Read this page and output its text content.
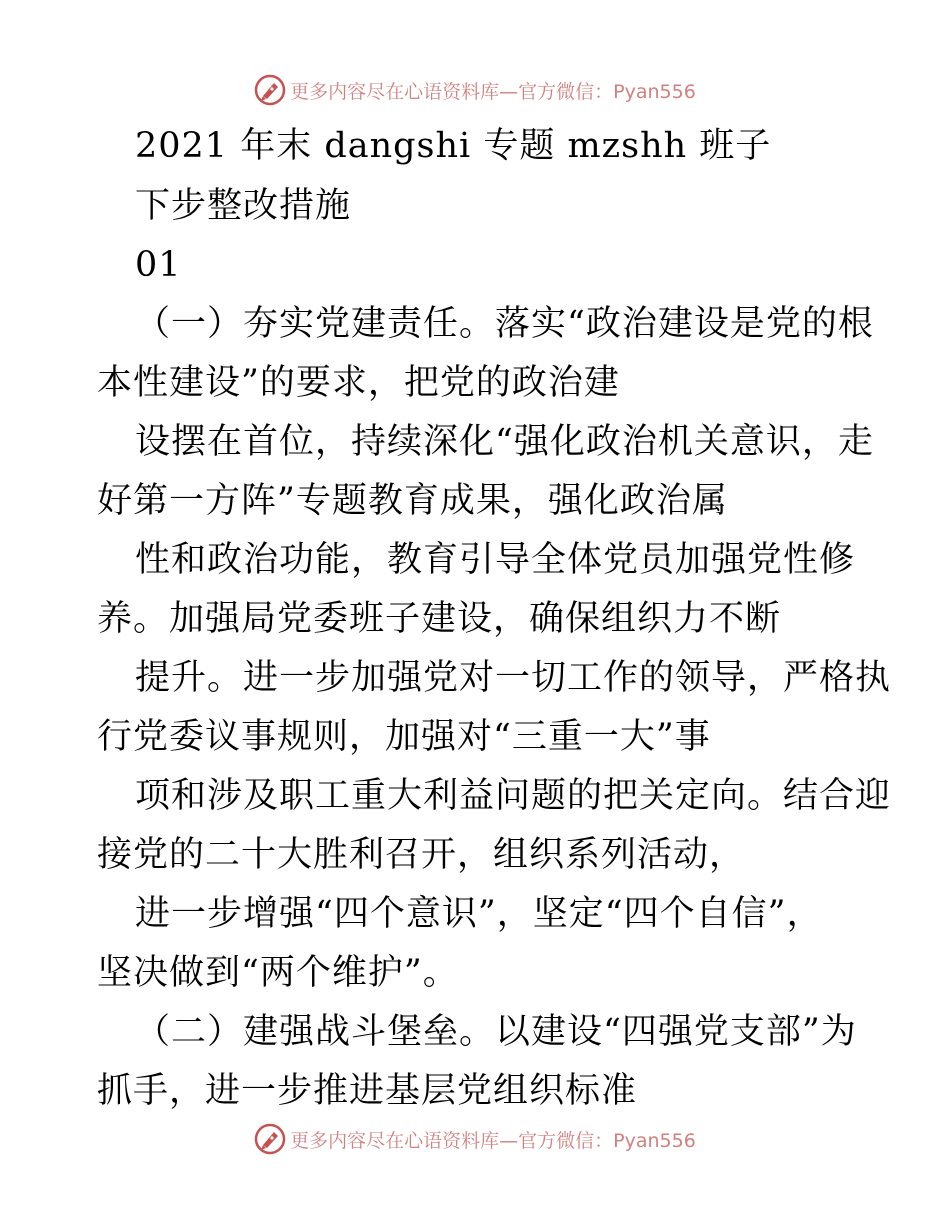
更多内容尽在心语资料库—官方微信：Pyan556
2021 年末 dangshi 专题 mzshh 班子
下步整改措施
01
（一）夯实党建责任。落实“政治建设是党的根
本性建设”的要求，把党的政治建
设摆在首位，持续深化“强化政治机关意识，走
好第一方阵”专题教育成果，强化政治属
性和政治功能，教育引导全体党员加强党性修
养。加强局党委班子建设，确保组织力不断
提升。进一步加强党对一切工作的领导，严格执
行党委议事规则，加强对“三重一大”事
项和涉及职工重大利益问题的把关定向。结合迎
接党的二十大胜利召开，组织系列活动，
进一步增强“四个意识”，坚定“四个自信”，
坚决做到“两个维护”。
（二）建强战斗堡垒。以建设“四强党支部”为
抓手，进一步推进基层党组织标准
更多内容尽在心语资料库—官方微信：Pyan556
